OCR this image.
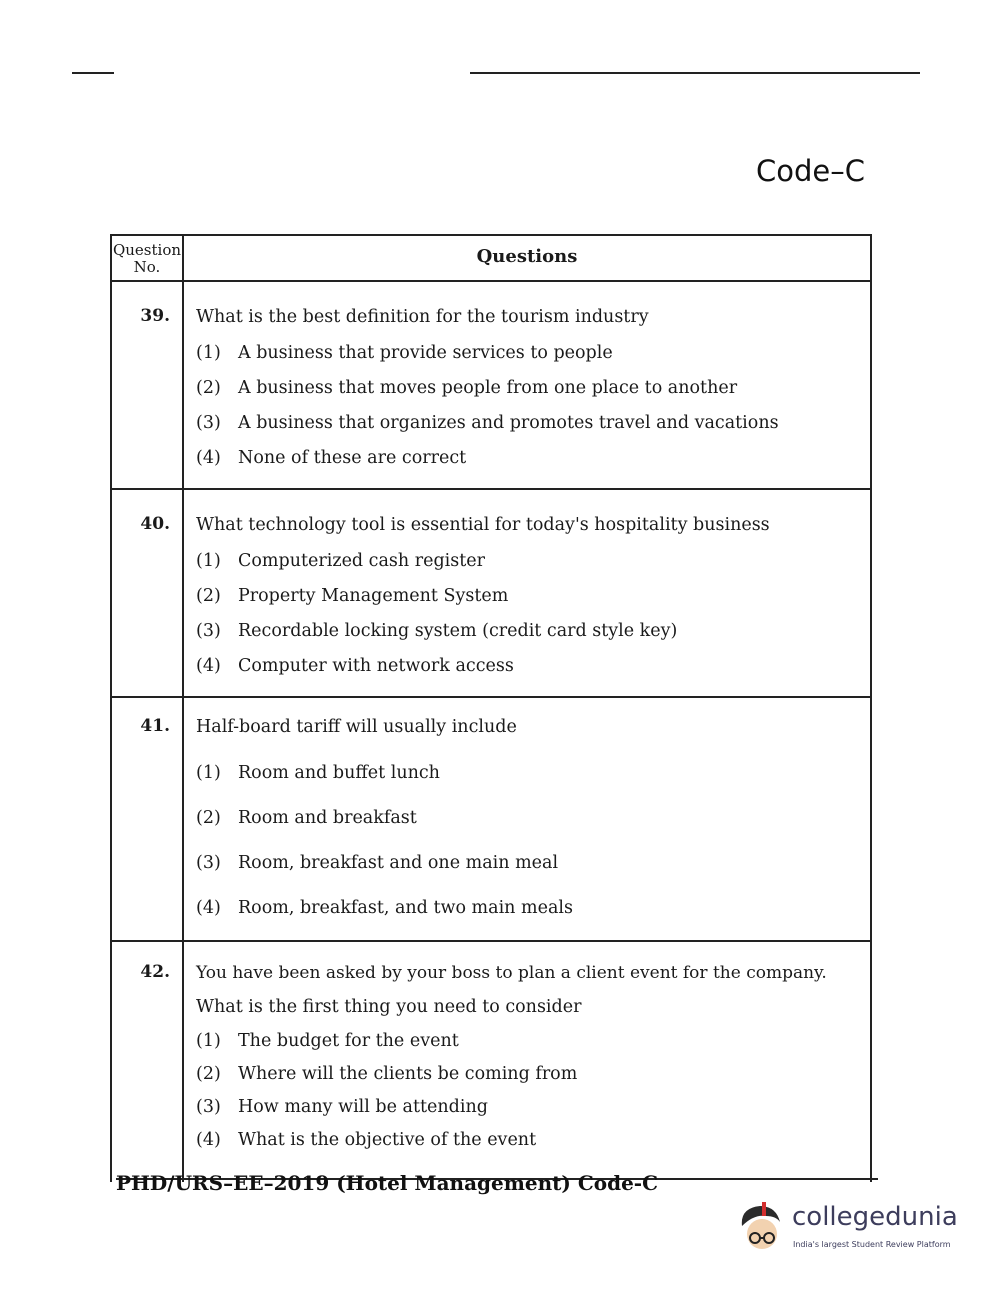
Code–C
Question No.	Questions
39.	What is the best definition for the tourism industry
(1) A business that provide services to people
(2) A business that moves people from one place to another
(3) A business that organizes and promotes travel and vacations
(4) None of these are correct
40.	What technology tool is essential for today's hospitality business
(1) Computerized cash register
(2) Property Management System
(3) Recordable locking system (credit card style key)
(4) Computer with network access
41.	Half-board tariff will usually include
(1) Room and buffet lunch
(2) Room and breakfast
(3) Room, breakfast and one main meal
(4) Room, breakfast, and two main meals
42.	You have been asked by your boss to plan a client event for the company.
What is the first thing you need to consider
(1) The budget for the event
(2) Where will the clients be coming from
(3) How many will be attending
(4) What is the objective of the event
PHD/URS–EE–2019 (Hotel Management) Code-C
collegedunia
India's largest Student Review Platform
